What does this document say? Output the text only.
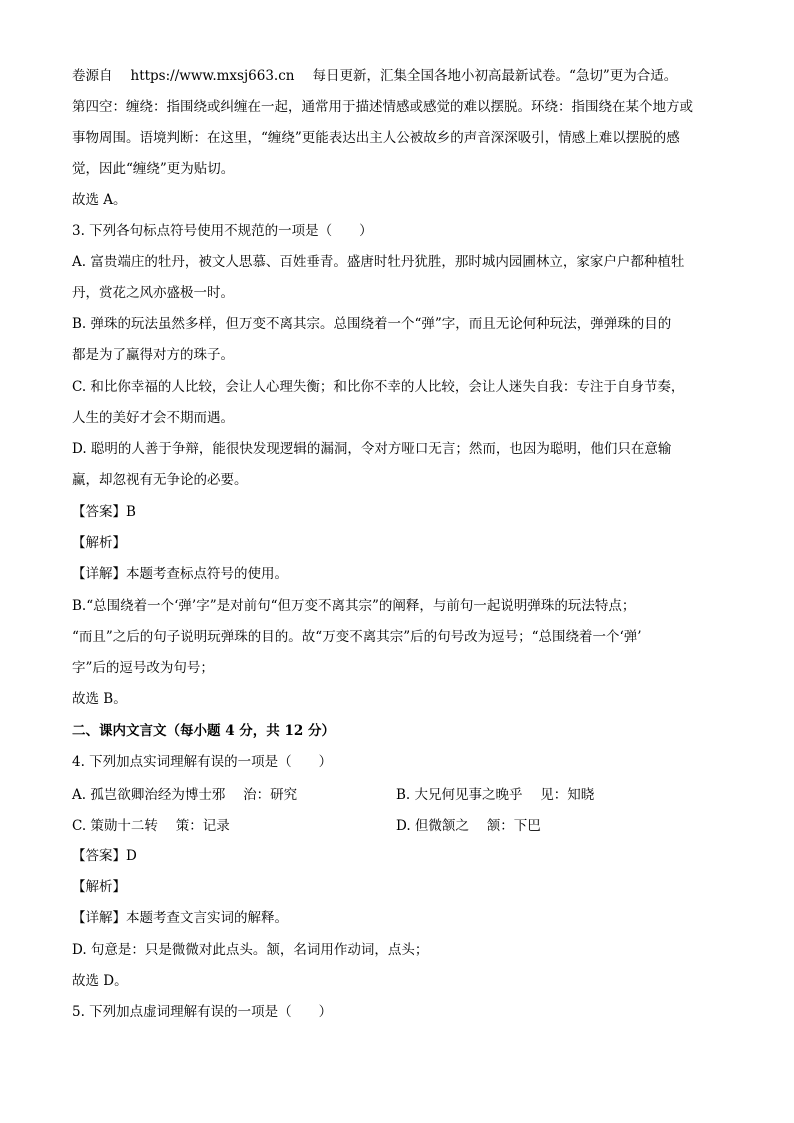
卷源自 https://www.mxsj663.cn 每日更新，汇集全国各地小初高最新试卷。“急切”更为合适。
第四空：缠绕：指围绕或纠缠在一起，通常用于描述情感或感觉的难以摆脱。环绕：指围绕在某个地方或
事物周围。语境判断：在这里，“缠绕”更能表达出主人公被故乡的声音深深吸引，情感上难以摆脱的感
觉，因此“缠绕”更为贴切。
故选 A。
3. 下列各句标点符号使用不规范的一项是（　　）
A. 富贵端庄的牡丹，被文人思慕、百姓垂青。盛唐时牡丹犹胜，那时城内园圃林立，家家户户都种植牡
丹，赏花之风亦盛极一时。
B. 弹珠的玩法虽然多样，但万变不离其宗。总围绕着一个“弹”字，而且无论何种玩法，弹弹珠的目的
都是为了赢得对方的珠子。
C. 和比你幸福的人比较，会让人心理失衡；和比你不幸的人比较，会让人迷失自我：专注于自身节奏，
人生的美好才会不期而遇。
D. 聪明的人善于争辩，能很快发现逻辑的漏洞，令对方哑口无言；然而，也因为聪明，他们只在意输
赢，却忽视有无争论的必要。
【答案】B
【解析】
【详解】本题考查标点符号的使用。
B.“总围绕着一个‘弹’字”是对前句“但万变不离其宗”的阐释，与前句一起说明弹珠的玩法特点；
“而且”之后的句子说明玩弹珠的目的。故“万变不离其宗”后的句号改为逗号；“总围绕着一个‘弹’
字”后的逗号改为句号；
故选 B。
二、课内文言文（每小题 4 分，共 12 分）
4. 下列加点实词理解有误的一项是（　　）
A. 孤岂欲卿治经为博士邪　 治：研究	B. 大兄何见事之晚乎　 见：知晓
C. 策勋十二转　 策：记录	D. 但微颔之　 颔：下巴
【答案】D
【解析】
【详解】本题考查文言实词的解释。
D. 句意是：只是微微对此点头。颔，名词用作动词，点头；
故选 D。
5. 下列加点虚词理解有误的一项是（　　）
